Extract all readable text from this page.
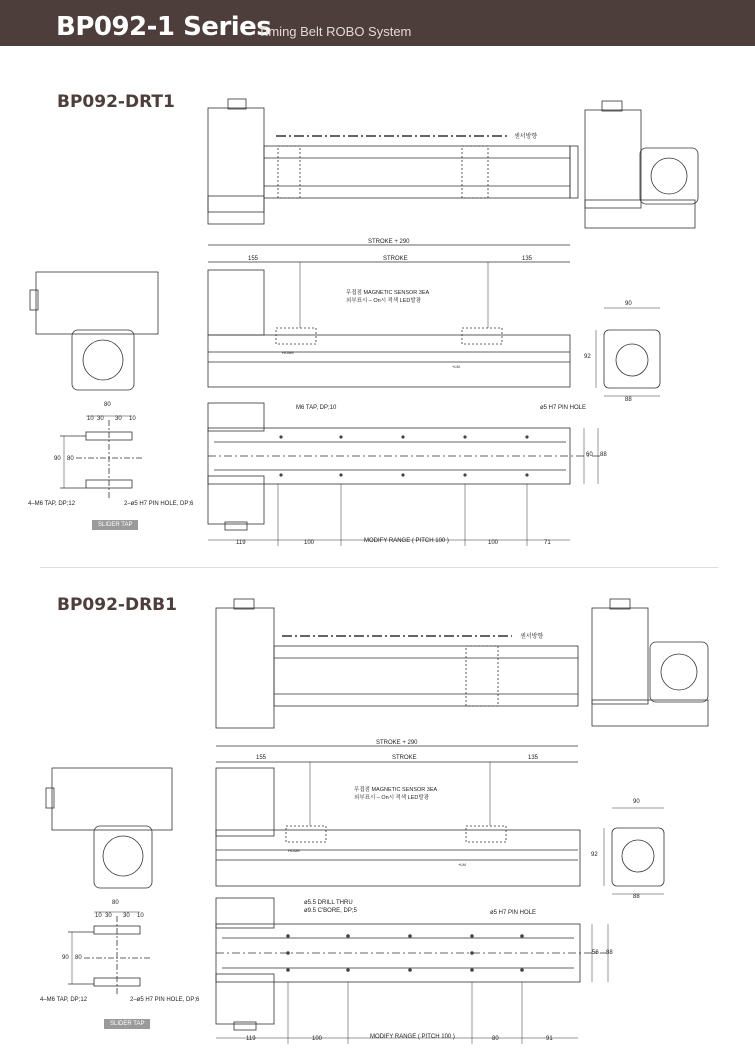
BP092-1 Series
Timing Belt ROBO System
BP092-DRT1
BP092-DRB1
SLIDER TAP
SLIDER TAP
센서방향
STROKE + 290
155	STROKE	135
무접점 MAGNETIC SENSOR 3EA
외부표시 – On시 적색 LED발광
HOME
+LM
90
92
88
M6 TAP, DP;10	ø5 H7 PIN HOLE
119	100	MODIFY RANGE ( PITCH 100 )	100	71
60 88
80
10 30 30 10
90 80
4–M6 TAP, DP;12	2–ø5 H7 PIN HOLE, DP;6
센서방향
STROKE + 290
155	STROKE	135
무접점 MAGNETIC SENSOR 3EA
외부표시 – On시 적색 LED발광
HOME
+LM
90
92
88
ø5.5 DRILL THRU
ø9.5 C'BORE, DP;5	ø5 H7 PIN HOLE
119	100	MODIFY RANGE ( PITCH 100 )	80	91
56 88
80
10 30 30 10
90 80
4–M6 TAP, DP;12	2–ø5 H7 PIN HOLE, DP;6
